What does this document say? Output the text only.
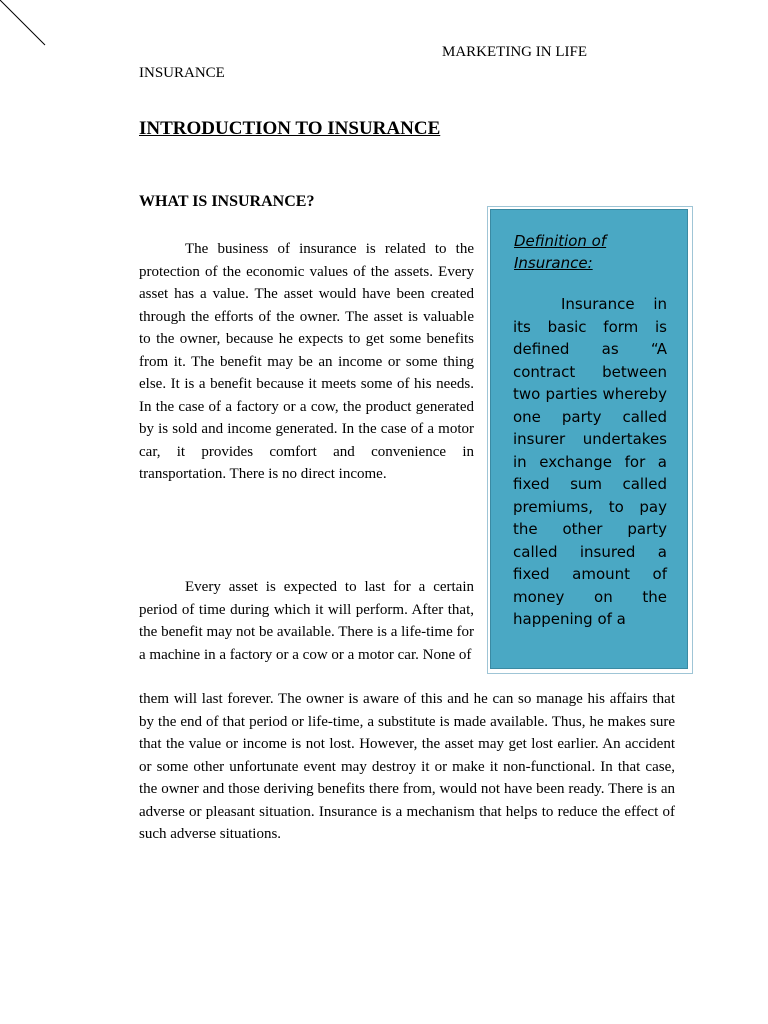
MARKETING IN LIFE
INSURANCE
INTRODUCTION TO INSURANCE
WHAT IS INSURANCE?

The business of insurance is related to the protection of the economic values of the assets. Every asset has a value. The asset would have been created through the efforts of the owner. The asset is valuable to the owner, because he expects to get some benefits from it. The benefit may be an income or some thing else. It is a benefit because it meets some of his needs. In the case of a factory or a cow, the product generated by is sold and income generated. In the case of a motor car, it provides comfort and convenience in transportation. There is no direct income.

Every asset is expected to last for a certain period of time during which it will perform. After that, the benefit may not be available. There is a life-time for a machine in a factory or a cow or a motor car. None of

them will last forever. The owner is aware of this and he can so manage his affairs that by the end of that period or life-time, a substitute is made available. Thus, he makes sure that the value or income is not lost. However, the asset may get lost earlier. An accident or some other unfortunate event may destroy it or make it non-functional. In that case, the owner and those deriving benefits there from, would not have been ready. There is an adverse or pleasant situation. Insurance is a mechanism that helps to reduce the effect of such adverse situations.

Definition of Insurance:

Insurance in its basic form is defined as “A contract between two parties whereby one party called insurer undertakes in exchange for a fixed sum called premiums, to pay the other party called insured a fixed amount of money on the happening of a
